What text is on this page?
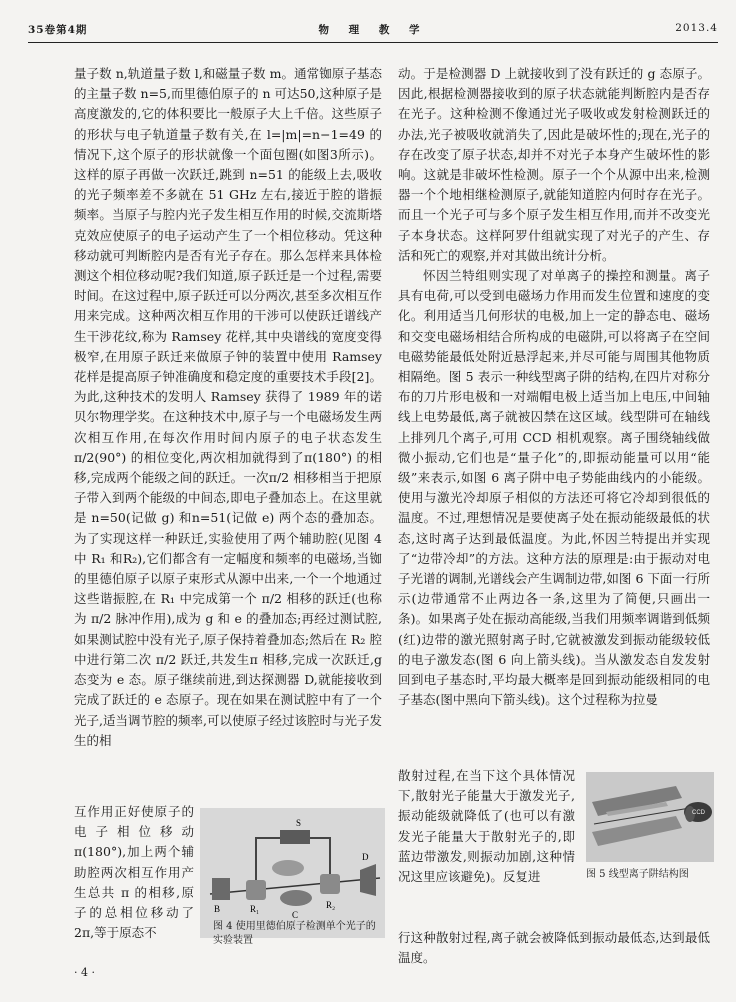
35卷第4期	物 理 教 学	2013.4

量子数 n,轨道量子数 l,和磁量子数 m。通常铷原子基态的主量子数 n=5,而里德伯原子的 n 可达50,这种原子是高度激发的,它的体积要比一般原子大上千倍。这些原子的形状与电子轨道量子数有关,在 l=|m|=n−1=49 的情况下,这个原子的形状就像一个面包圈(如图3所示)。这样的原子再做一次跃迁,跳到 n=51 的能级上去,吸收的光子频率差不多就在 51 GHz 左右,接近于腔的谐振频率。当原子与腔内光子发生相互作用的时候,交流斯塔克效应使原子的电子运动产生了一个相位移动。凭这种移动就可判断腔内是否有光子存在。那么怎样来具体检测这个相位移动呢?我们知道,原子跃迁是一个过程,需要时间。在这过程中,原子跃迁可以分两次,甚至多次相互作用来完成。这种两次相互作用的干涉可以使跃迁谱线产生干涉花纹,称为 Ramsey 花样,其中央谱线的宽度变得极窄,在用原子跃迁来做原子钟的装置中使用 Ramsey 花样是提高原子钟准确度和稳定度的重要技术手段[2]。为此,这种技术的发明人 Ramsey 获得了 1989 年的诺贝尔物理学奖。在这种技术中,原子与一个电磁场发生两次相互作用,在每次作用时间内原子的电子状态发生 π/2(90°) 的相位变化,两次相加就得到了π(180°) 的相移,完成两个能级之间的跃迁。一次π/2 相移相当于把原子带入到两个能级的中间态,即电子叠加态上。在这里就是 n=50(记做 g) 和n=51(记做 e) 两个态的叠加态。为了实现这样一种跃迁,实验使用了两个辅助腔(见图 4 中 R₁ 和R₂),它们都含有一定幅度和频率的电磁场,当铷的里德伯原子以原子束形式从源中出来,一个一个地通过这些谐振腔,在 R₁ 中完成第一个 π/2 相移的跃迁(也称为 π/2 脉冲作用),成为 g 和 e 的叠加态;再经过测试腔,如果测试腔中没有光子,原子保持着叠加态;然后在 R₂ 腔中进行第二次 π/2 跃迁,共发生π 相移,完成一次跃迁,g 态变为 e 态。原子继续前进,到达探测器 D,就能接收到完成了跃迁的 e 态原子。现在如果在测试腔中有了一个光子,适当调节腔的频率,可以使原子经过该腔时与光子发生的相

互作用正好使原子的电子相位移动 π(180°),加上两个辅助腔两次相互作用产生总共 π 的相移,原子的总相位移动了 2π,等于原态不
S
B	R₁
C
R₂
D
图 4 使用里德伯原子检测单个光子的实验装置

动。于是检测器 D 上就接收到了没有跃迁的 g 态原子。因此,根据检测器接收到的原子状态就能判断腔内是否存在光子。这种检测不像通过光子吸收或发射检测跃迁的办法,光子被吸收就消失了,因此是破坏性的;现在,光子的存在改变了原子状态,却并不对光子本身产生破坏性的影响。这就是非破坏性检测。原子一个个从源中出来,检测器一个个地相继检测原子,就能知道腔内何时存在光子。而且一个光子可与多个原子发生相互作用,而并不改变光子本身状态。这样阿罗什组就实现了对光子的产生、存活和死亡的观察,并对其做出统计分析。

怀因兰特组则实现了对单离子的操控和测量。离子具有电荷,可以受到电磁场力作用而发生位置和速度的变化。利用适当几何形状的电极,加上一定的静态电、磁场和交变电磁场相结合所构成的电磁阱,可以将离子在空间电磁势能最低处附近悬浮起来,并尽可能与周围其他物质相隔绝。图 5 表示一种线型离子阱的结构,在四片对称分布的刀片形电极和一对端帽电极上适当加上电压,中间轴线上电势最低,离子就被囚禁在这区域。线型阱可在轴线上排列几个离子,可用 CCD 相机观察。离子围绕轴线做微小振动,它们也是“量子化”的,即振动能量可以用“能级”来表示,如图 6 离子阱中电子势能曲线内的小能级。使用与激光冷却原子相似的方法还可将它冷却到很低的温度。不过,理想情况是要使离子处在振动能级最低的状态,这时离子达到最低温度。为此,怀因兰特提出并实现了“边带冷却”的方法。这种方法的原理是:由于振动对电子光谱的调制,光谱线会产生调制边带,如图 6 下面一行所示(边带通常不止两边各一条,这里为了简便,只画出一条)。如果离子处在振动高能级,当我们用频率调谐到低频(红)边带的激光照射离子时,它就被激发到振动能级较低的电子激发态(图 6 向上箭头线)。当从激发态自发发射回到电子基态时,平均最大概率是回到振动能级相同的电子基态(图中黑向下箭头线)。这个过程称为拉曼

散射过程,在当下这个具体情况下,散射光子能量大于激发光子,振动能级就降低了(也可以有激发光子能量大于散射光子的,即蓝边带激发,则振动加剧,这种情况这里应该避免)。反复进
CCD
图 5 线型离子阱结构图
行这种散射过程,离子就会被降低到振动最低态,达到最低温度。
· 4 ·
